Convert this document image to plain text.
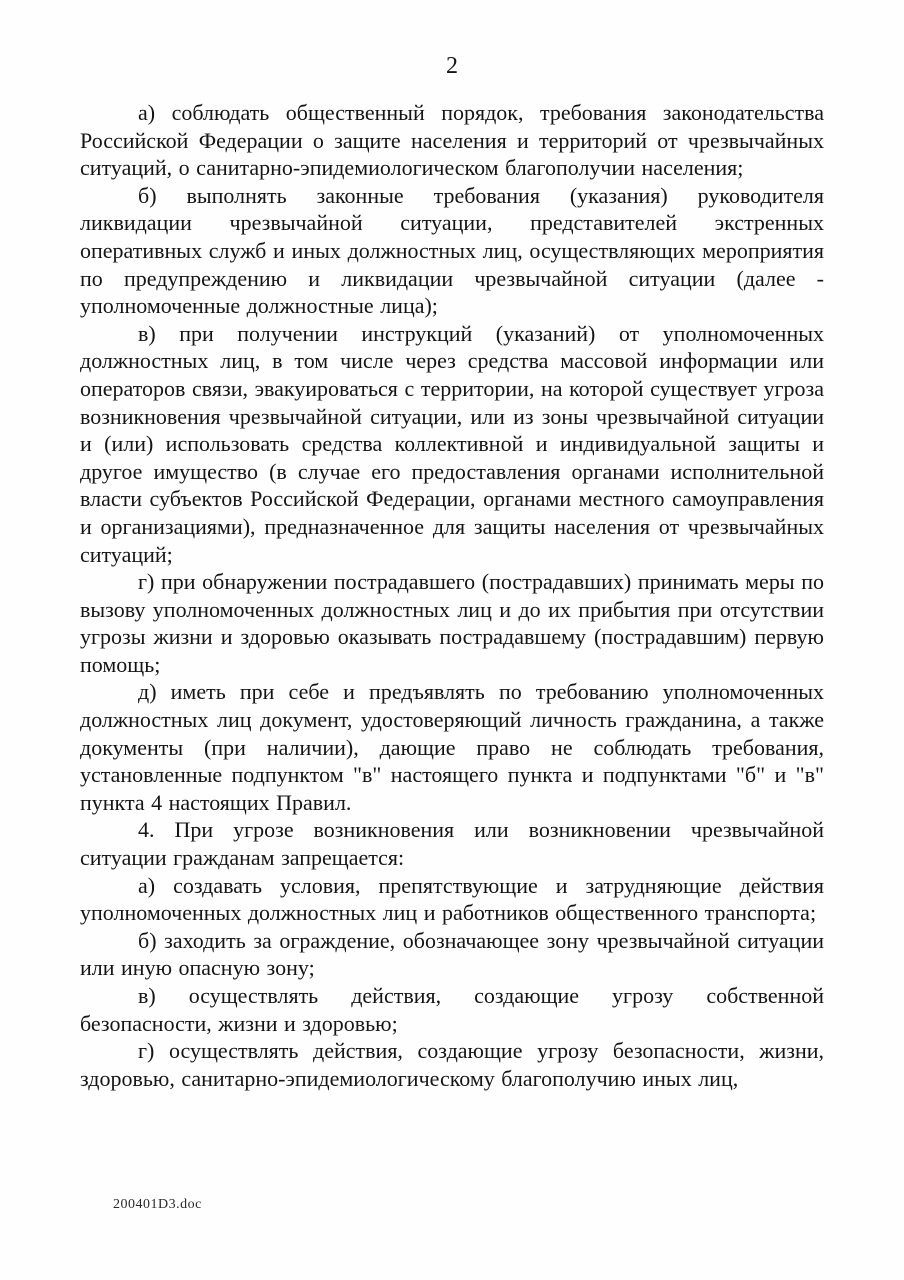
2

а) соблюдать общественный порядок, требования законодательства Российской Федерации о защите населения и территорий от чрезвычайных ситуаций, о санитарно-эпидемиологическом благополучии населения;

б) выполнять законные требования (указания) руководителя ликвидации чрезвычайной ситуации, представителей экстренных оперативных служб и иных должностных лиц, осуществляющих мероприятия по предупреждению и ликвидации чрезвычайной ситуации (далее - уполномоченные должностные лица);

в) при получении инструкций (указаний) от уполномоченных должностных лиц, в том числе через средства массовой информации или операторов связи, эвакуироваться с территории, на которой существует угроза возникновения чрезвычайной ситуации, или из зоны чрезвычайной ситуации и (или) использовать средства коллективной и индивидуальной защиты и другое имущество (в случае его предоставления органами исполнительной власти субъектов Российской Федерации, органами местного самоуправления и организациями), предназначенное для защиты населения от чрезвычайных ситуаций;

г) при обнаружении пострадавшего (пострадавших) принимать меры по вызову уполномоченных должностных лиц и до их прибытия при отсутствии угрозы жизни и здоровью оказывать пострадавшему (пострадавшим) первую помощь;

д) иметь при себе и предъявлять по требованию уполномоченных должностных лиц документ, удостоверяющий личность гражданина, а также документы (при наличии), дающие право не соблюдать требования, установленные подпунктом "в" настоящего пункта и подпунктами "б" и "в" пункта 4 настоящих Правил.

4. При угрозе возникновения или возникновении чрезвычайной ситуации гражданам запрещается:

а) создавать условия, препятствующие и затрудняющие действия уполномоченных должностных лиц и работников общественного транспорта;

б) заходить за ограждение, обозначающее зону чрезвычайной ситуации или иную опасную зону;

в) осуществлять действия, создающие угрозу собственной безопасности, жизни и здоровью;

г) осуществлять действия, создающие угрозу безопасности, жизни, здоровью, санитарно-эпидемиологическому благополучию иных лиц,

200401D3.doc
